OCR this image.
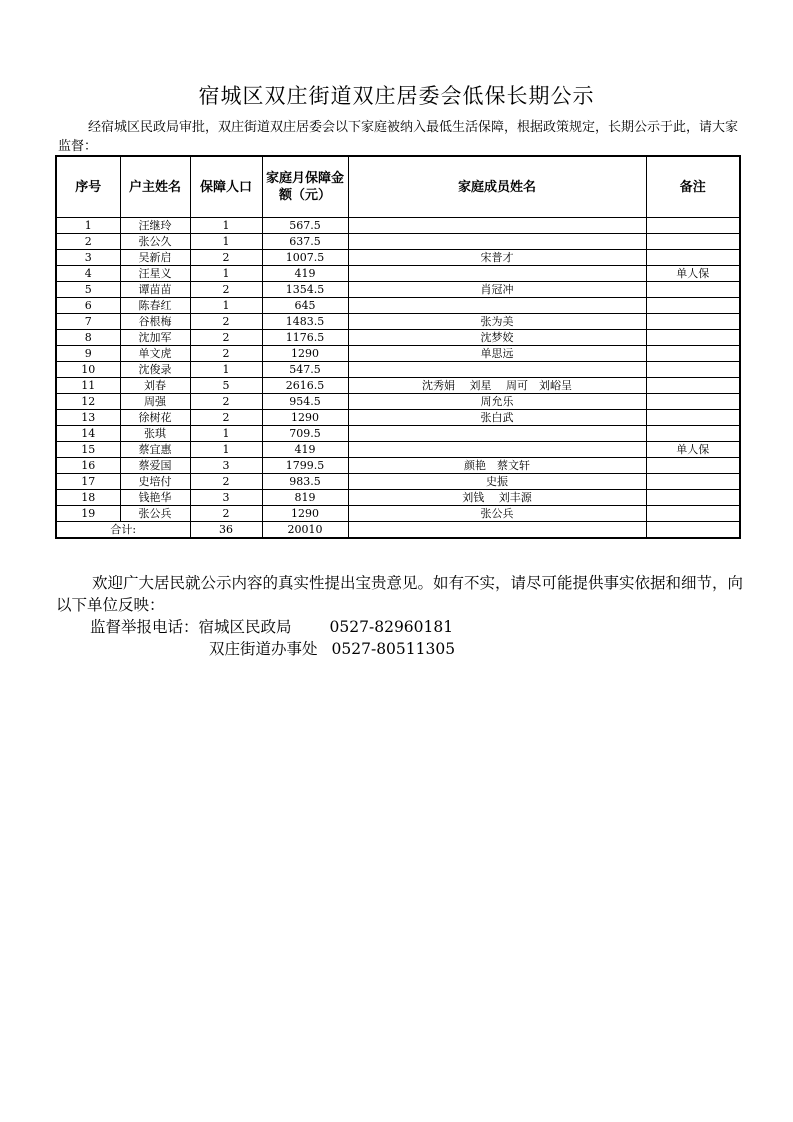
宿城区双庄街道双庄居委会低保长期公示
经宿城区民政局审批，双庄街道双庄居委会以下家庭被纳入最低生活保障，根据政策规定，长期公示于此，请大家监督：
序号	户主姓名	保障人口	家庭月保障金额（元）	家庭成员姓名	备注
1	汪继玲	1	567.5		
2	张公久	1	637.5		
3	吴新启	2	1007.5	宋普才	
4	汪星义	1	419		单人保
5	谭苗苗	2	1354.5	肖冠冲	
6	陈春红	1	645		
7	谷根梅	2	1483.5	张为美	
8	沈加军	2	1176.5	沈梦姣	
9	单文虎	2	1290	单思远	
10	沈俊录	1	547.5		
11	刘春	5	2616.5	沈秀娟　 刘星　 周可　刘峪呈	
12	周强	2	954.5	周允乐	
13	徐树花	2	1290	张白武	
14	张琪	1	709.5		
15	蔡宜惠	1	419		单人保
16	蔡爱国	3	1799.5	颜艳　蔡文轩	
17	史培付	2	983.5	史振	
18	钱艳华	3	819	刘钱　 刘丰源	
19	张公兵	2	1290	张公兵	
合计:		36	20010		
欢迎广大居民就公示内容的真实性提出宝贵意见。如有不实，请尽可能提供事实依据和细节，向以下单位反映：
监督举报电话：宿城区民政局 0527-82960181
双庄街道办事处 0527-80511305
